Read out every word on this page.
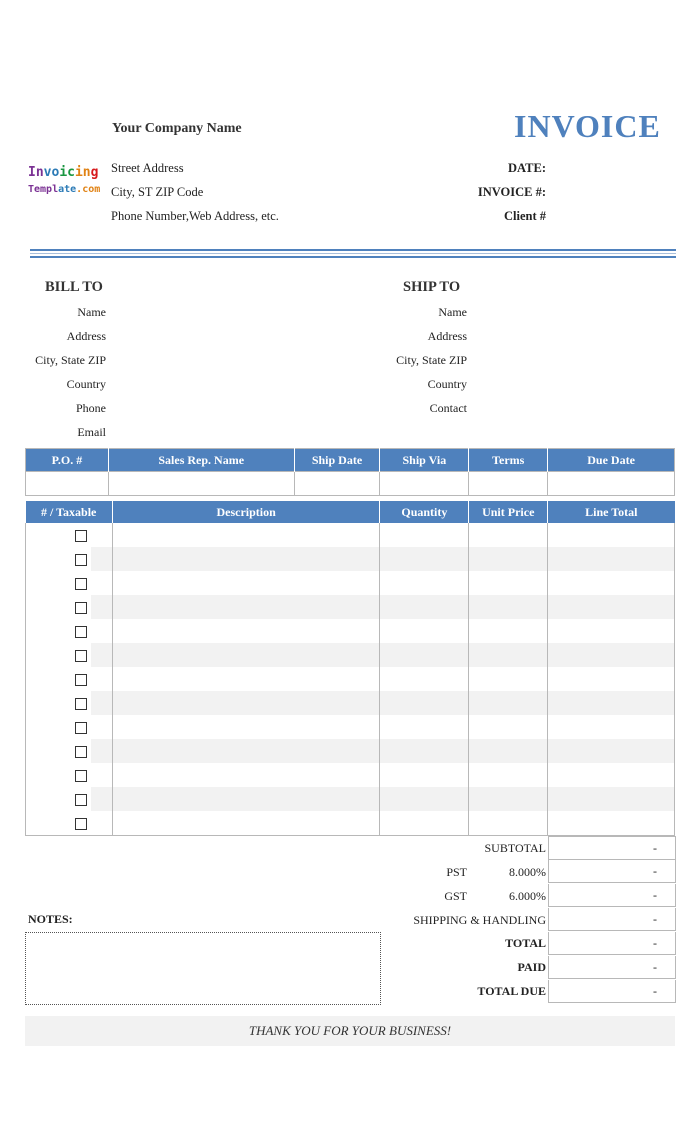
Your Company Name	INVOICE
Invoicing
Template.com
Street Address
City, ST ZIP Code
Phone Number,Web Address, etc.
DATE:
INVOICE #:
Client #
BILL TO
Name
Address
City, State ZIP
Country
Phone
Email
SHIP TO
Name
Address
City, State ZIP
Country
Contact
P.O. #	Sales Rep. Name	Ship Date	Ship Via	Terms	Due Date

# / Taxable		Description	Quantity	Unit Price	Line Total

SUBTOTAL	-
PST	8.000%	-
GST	6.000%	-
SHIPPING & HANDLING	-
TOTAL	-
PAID	-
TOTAL DUE	-
NOTES:
THANK YOU FOR YOUR BUSINESS!
